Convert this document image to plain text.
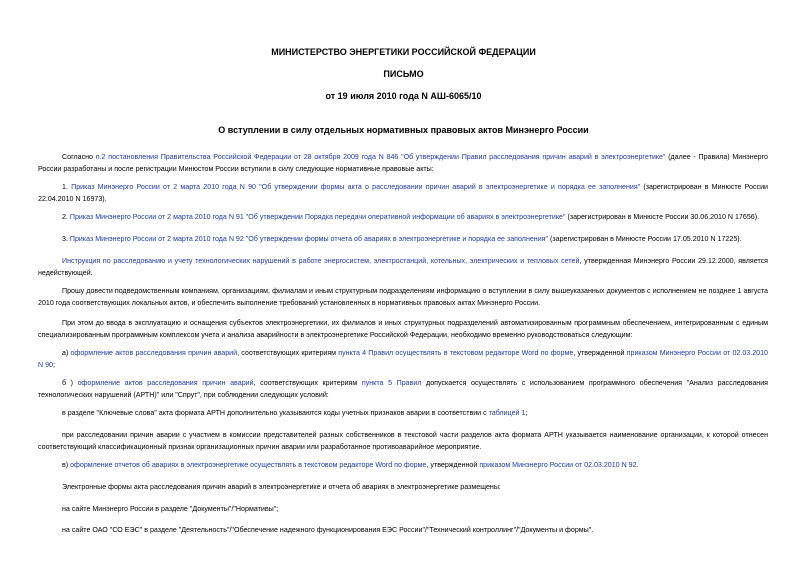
МИНИСТЕРСТВО ЭНЕРГЕТИКИ РОССИЙСКОЙ ФЕДЕРАЦИИ
ПИСЬМО
от 19 июля 2010 года N АШ-6065/10
О вступлении в силу отдельных нормативных правовых актов Минэнерго России
Согласно п.2 постановления Правительства Российской Федерации от 28 октября 2009 года N 846 "Об утверждении Правил расследования причин аварий в электроэнергетике" (далее - Правила) Минэнерго России разработаны и после регистрации Минюстом России вступили в силу следующие нормативные правовые акты:
1. Приказ Минэнерго России от 2 марта 2010 года N 90 "Об утверждении формы акта о расследовании причин аварий в электроэнергетике и порядка ее заполнения" (зарегистрирован в Минюсте России 22.04.2010 N 16973).
2. Приказ Минэнерго России от 2 марта 2010 года N 91 "Об утверждении Порядка передачи оперативной информации об авариях в электроэнергетике" (зарегистрирован в Минюсте России 30.06.2010 N 17656).
3. Приказ Минэнерго России от 2 марта 2010 года N 92 "Об утверждении формы отчета об авариях в электроэнергетике и порядка ее заполнения" (зарегистрирован в Минюсте России 17.05.2010 N 17225).
Инструкция по расследованию и учету технологических нарушений в работе энергосистем, электростанций, котельных, электрических и тепловых сетей, утвержденная Минэнерго России 29.12.2000, является недействующей.
Прошу довести подведомственным компаниям, организациям, филиалам и иным структурным подразделениям информацию о вступлении в силу вышеуказанных документов с исполнением не позднее 1 августа 2010 года соответствующих локальных актов, и обеспечить выполнение требований установленных в нормативных правовых актах Минэнерго России.
При этом до ввода в эксплуатацию и оснащения субъектов электроэнергетики, их филиалов и иных структурных подразделений автоматизированным программным обеспечением, интегрированным с единым специализированным программным комплексом учета и анализа аварийности в электроэнергетике Российской Федерации, необходимо временно руководствоваться следующим:
а) оформление актов расследования причин аварий, соответствующих критериям пункта 4 Правил осуществлять в текстовом редакторе Word по форме, утвержденной приказом Минэнерго России от 02.03.2010 N 90;
б ) оформление актов расследования причин аварий, соответствующих критериям пункта 5 Правил допускается осуществлять с использованием программного обеспечения "Анализ расследования технологических нарушений (АРТН)" или "Спрут", при соблюдении следующих условий:
в разделе "Ключевые слова" акта формата АРТН дополнительно указываются коды учетных признаков аварии в соответствии с таблицей 1;
при расследовании причин аварии с участием в комиссии представителей разных собственников в текстовой части разделов акта формата АРТН указывается наименование организации, к которой отнесен соответствующий классификационный признак организационных причин аварии или разработанное противоаварийное мероприятие.
в) оформление отчетов об авариях в электроэнергетике осуществлять в текстовом редакторе Word по форме, утвержденной приказом Минэнерго России от 02.03.2010 N 92.
Электронные формы акта расследования причин аварий в электроэнергетике и отчета об авариях в электроэнергетике размещены:
на сайте Минэнерго России в разделе "Документы"/"Нормативы";
на сайте ОАО "СО ЕЭС" в разделе "Деятельность"/"Обеспечение надежного функционирования ЕЭС России"/"Технический контроллинг"/"Документы и формы".
